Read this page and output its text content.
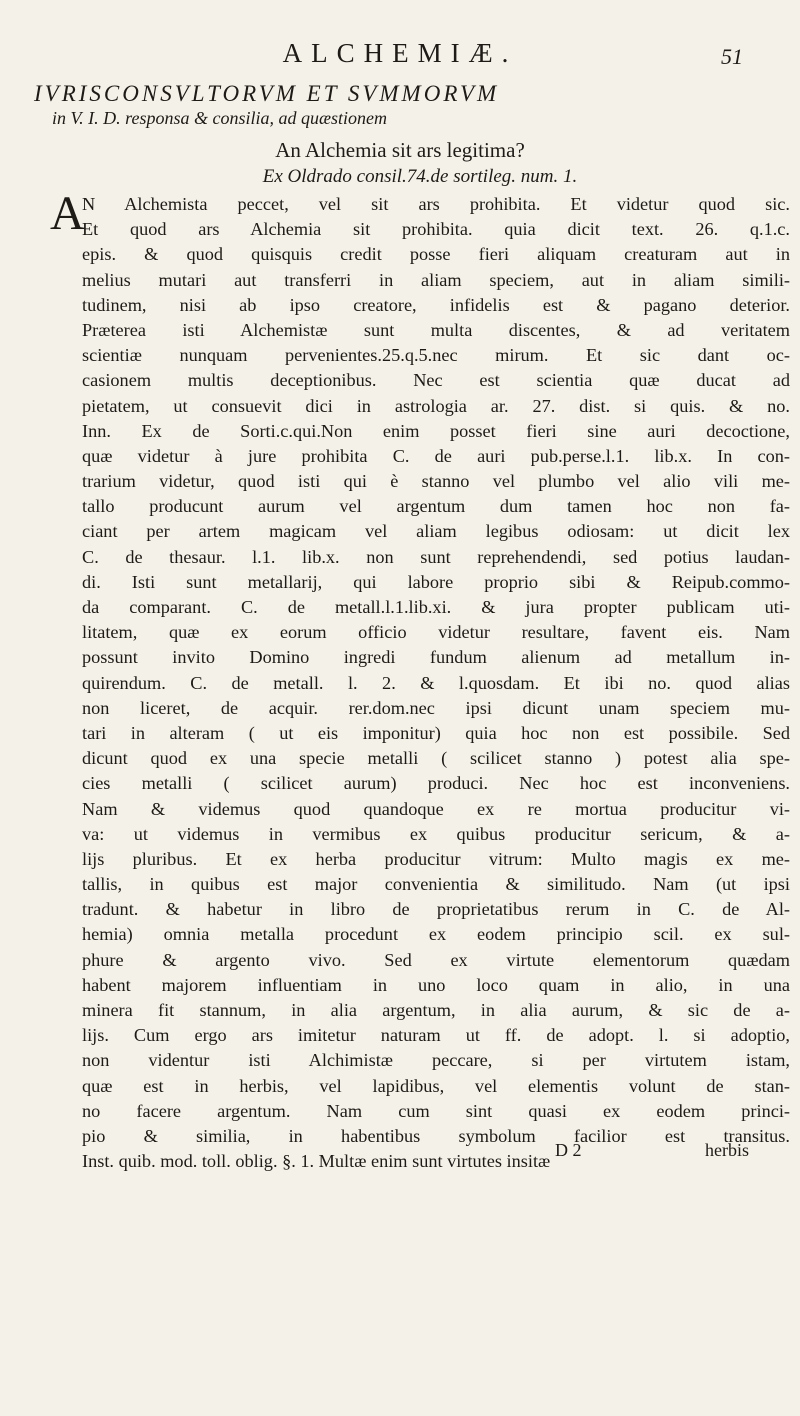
ALCHEMIÆ.	51
IVRISCONSVLTORVM ET SVMMORVM
in V. I. D. responsa & consilia, ad quæstionem
An Alchemia sit ars legitima?
Ex Oldrado consil.74.de sortileg. num. 1.
A
N Alchemista peccet, vel sit ars prohibita. Et videtur quod sic.
Et quod ars Alchemia sit prohibita. quia dicit text. 26. q.1.c.
epis. & quod quisquis credit posse fieri aliquam creaturam aut in
melius mutari aut transferri in aliam speciem, aut in aliam simili-
tudinem, nisi ab ipso creatore, infidelis est & pagano deterior.
Præterea isti Alchemistæ sunt multa discentes, & ad veritatem
scientiæ nunquam pervenientes.25.q.5.nec mirum. Et sic dant oc-
casionem multis deceptionibus. Nec est scientia quæ ducat ad
pietatem, ut consuevit dici in astrologia ar. 27. dist. si quis. & no.
Inn. Ex de Sorti.c.qui.Non enim posset fieri sine auri decoctione,
quæ videtur à jure prohibita C. de auri pub.perse.l.1. lib.x. In con-
trarium videtur, quod isti qui è stanno vel plumbo vel alio vili me-
tallo producunt aurum vel argentum dum tamen hoc non fa-
ciant per artem magicam vel aliam legibus odiosam: ut dicit lex
C. de thesaur. l.1. lib.x. non sunt reprehendendi, sed potius laudan-
di. Isti sunt metallarij, qui labore proprio sibi & Reipub.commo-
da comparant. C. de metall.l.1.lib.xi. & jura propter publicam uti-
litatem, quæ ex eorum officio videtur resultare, favent eis. Nam
possunt invito Domino ingredi fundum alienum ad metallum in-
quirendum. C. de metall. l. 2. & l.quosdam. Et ibi no. quod alias
non liceret, de acquir. rer.dom.nec ipsi dicunt unam speciem mu-
tari in alteram ( ut eis imponitur) quia hoc non est possibile. Sed
dicunt quod ex una specie metalli ( scilicet stanno ) potest alia spe-
cies metalli ( scilicet aurum) produci. Nec hoc est inconveniens.
Nam & videmus quod quandoque ex re mortua producitur vi-
va: ut videmus in vermibus ex quibus producitur sericum, & a-
lijs pluribus. Et ex herba producitur vitrum: Multo magis ex me-
tallis, in quibus est major convenientia & similitudo. Nam (ut ipsi
tradunt. & habetur in libro de proprietatibus rerum in C. de Al-
hemia) omnia metalla procedunt ex eodem principio scil. ex sul-
phure & argento vivo. Sed ex virtute elementorum quædam
habent majorem influentiam in uno loco quam in alio, in una
minera fit stannum, in alia argentum, in alia aurum, & sic de a-
lijs. Cum ergo ars imitetur naturam ut ff. de adopt. l. si adoptio,
non videntur isti Alchimistæ peccare, si per virtutem istam,
quæ est in herbis, vel lapidibus, vel elementis volunt de stan-
no facere argentum. Nam cum sint quasi ex eodem princi-
pio & similia, in habentibus symbolum facilior est transitus.
Inst. quib. mod. toll. oblig. §. 1. Multæ enim sunt virtutes insitæ
D 2	herbis
